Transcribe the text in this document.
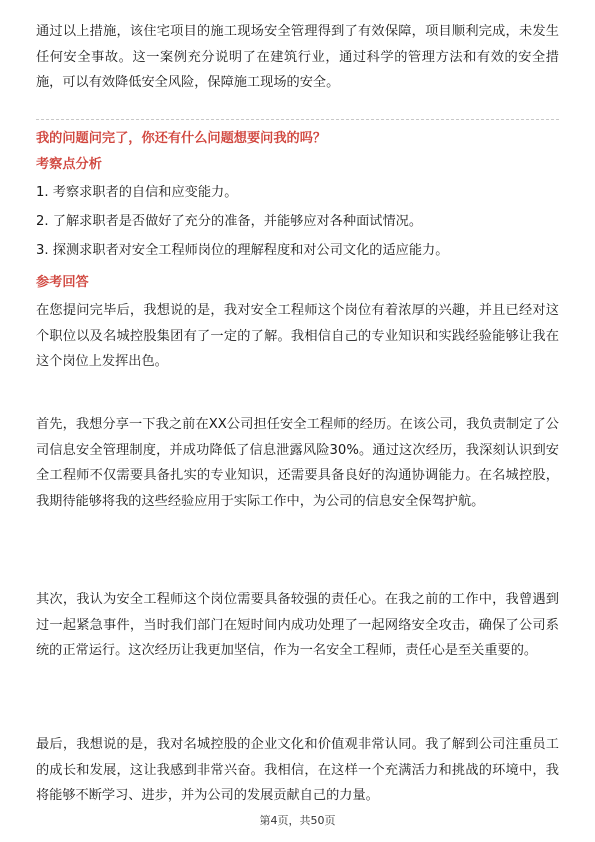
通过以上措施，该住宅项目的施工现场安全管理得到了有效保障，项目顺利完成，未发生任何安全事故。这一案例充分说明了在建筑行业，通过科学的管理方法和有效的安全措施，可以有效降低安全风险，保障施工现场的安全。

我的问题问完了，你还有什么问题想要问我的吗？

考察点分析

1. 考察求职者的自信和应变能力。

2. 了解求职者是否做好了充分的准备，并能够应对各种面试情况。

3. 探测求职者对安全工程师岗位的理解程度和对公司文化的适应能力。

参考回答

在您提问完毕后，我想说的是，我对安全工程师这个岗位有着浓厚的兴趣，并且已经对这个职位以及名城控股集团有了一定的了解。我相信自己的专业知识和实践经验能够让我在这个岗位上发挥出色。

首先，我想分享一下我之前在XX公司担任安全工程师的经历。在该公司，我负责制定了公司信息安全管理制度，并成功降低了信息泄露风险30%。通过这次经历，我深刻认识到安全工程师不仅需要具备扎实的专业知识，还需要具备良好的沟通协调能力。在名城控股，我期待能够将我的这些经验应用于实际工作中，为公司的信息安全保驾护航。

其次，我认为安全工程师这个岗位需要具备较强的责任心。在我之前的工作中，我曾遇到过一起紧急事件，当时我们部门在短时间内成功处理了一起网络安全攻击，确保了公司系统的正常运行。这次经历让我更加坚信，作为一名安全工程师，责任心是至关重要的。

最后，我想说的是，我对名城控股的企业文化和价值观非常认同。我了解到公司注重员工的成长和发展，这让我感到非常兴奋。我相信，在这样一个充满活力和挑战的环境中，我将能够不断学习、进步，并为公司的发展贡献自己的力量。

第4页，共50页
